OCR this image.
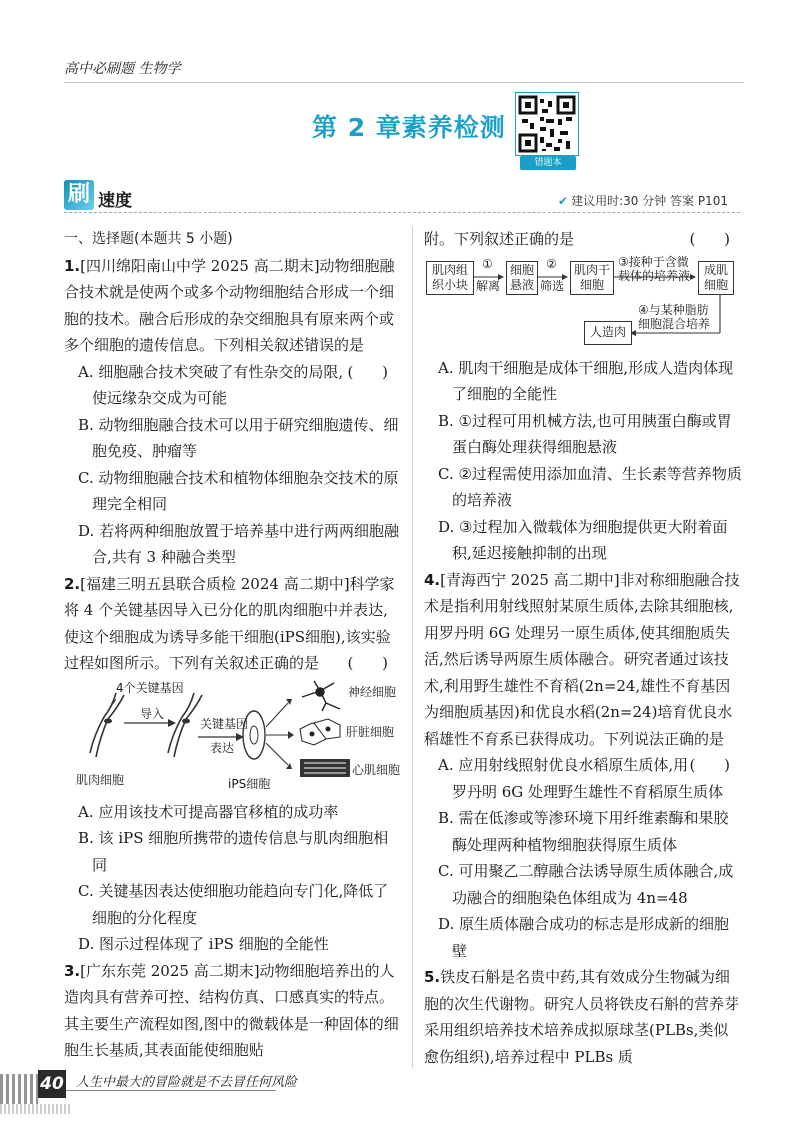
高中必刷题 生物学
第 2 章素养检测
错题本
刷 速度	✔ 建议用时:30 分钟 答案 P101

一、选择题(本题共 5 小题)

1.[四川绵阳南山中学 2025 高二期末]动物细胞融合技术就是使两个或多个动物细胞结合形成一个细胞的技术。融合后形成的杂交细胞具有原来两个或多个细胞的遗传信息。下列相关叙述错误的是
( )

A. 细胞融合技术突破了有性杂交的局限,使远缘杂交成为可能

B. 动物细胞融合技术可以用于研究细胞遗传、细胞免疫、肿瘤等

C. 动物细胞融合技术和植物体细胞杂交技术的原理完全相同

D. 若将两种细胞放置于培养基中进行两两细胞融合,共有 3 种融合类型

2.[福建三明五县联合质检 2024 高二期中]科学家将 4 个关键基因导入已分化的肌肉细胞中并表达,使这个细胞成为诱导多能干细胞(iPS细胞),该实验过程如图所示。下列有关叙述正确的是 ( )

4个关键基因
导入
关键基因
表达
肌肉细胞	iPS细胞
神经细胞
肝脏细胞
心肌细胞

A. 应用该技术可提高器官移植的成功率

B. 该 iPS 细胞所携带的遗传信息与肌肉细胞相同

C. 关键基因表达使细胞功能趋向专门化,降低了细胞的分化程度

D. 图示过程体现了 iPS 细胞的全能性

3.[广东东莞 2025 高二期末]动物细胞培养出的人造肉具有营养可控、结构仿真、口感真实的特点。其主要生产流程如图,图中的微载体是一种固体的细胞生长基质,其表面能使细胞贴

附。下列叙述正确的是	( )

肌肉组织小块
细胞悬液
肌肉干细胞
成肌细胞
人造肉
①
解离
②
筛选
③接种于含微载体的培养液
④与某种脂肪细胞混合培养

A. 肌肉干细胞是成体干细胞,形成人造肉体现了细胞的全能性

B. ①过程可用机械方法,也可用胰蛋白酶或胃蛋白酶处理获得细胞悬液

C. ②过程需使用添加血清、生长素等营养物质的培养液

D. ③过程加入微载体为细胞提供更大附着面积,延迟接触抑制的出现

4.[青海西宁 2025 高二期中]非对称细胞融合技术是指利用射线照射某原生质体,去除其细胞核,用罗丹明 6G 处理另一原生质体,使其细胞质失活,然后诱导两原生质体融合。研究者通过该技术,利用野生雄性不育稻(2n=24,雄性不育基因为细胞质基因)和优良水稻(2n=24)培育优良水稻雄性不育系已获得成功。下列说法正确的是
( )

A. 应用射线照射优良水稻原生质体,用罗丹明 6G 处理野生雄性不育稻原生质体

B. 需在低渗或等渗环境下用纤维素酶和果胶酶处理两种植物细胞获得原生质体

C. 可用聚乙二醇融合法诱导原生质体融合,成功融合的细胞染色体组成为 4n=48

D. 原生质体融合成功的标志是形成新的细胞壁

5.铁皮石斛是名贵中药,其有效成分生物碱为细胞的次生代谢物。研究人员将铁皮石斛的营养芽采用组织培养技术培养成拟原球茎(PLBs,类似愈伤组织),培养过程中 PLBs 质

40 人生中最大的冒险就是不去冒任何风险
